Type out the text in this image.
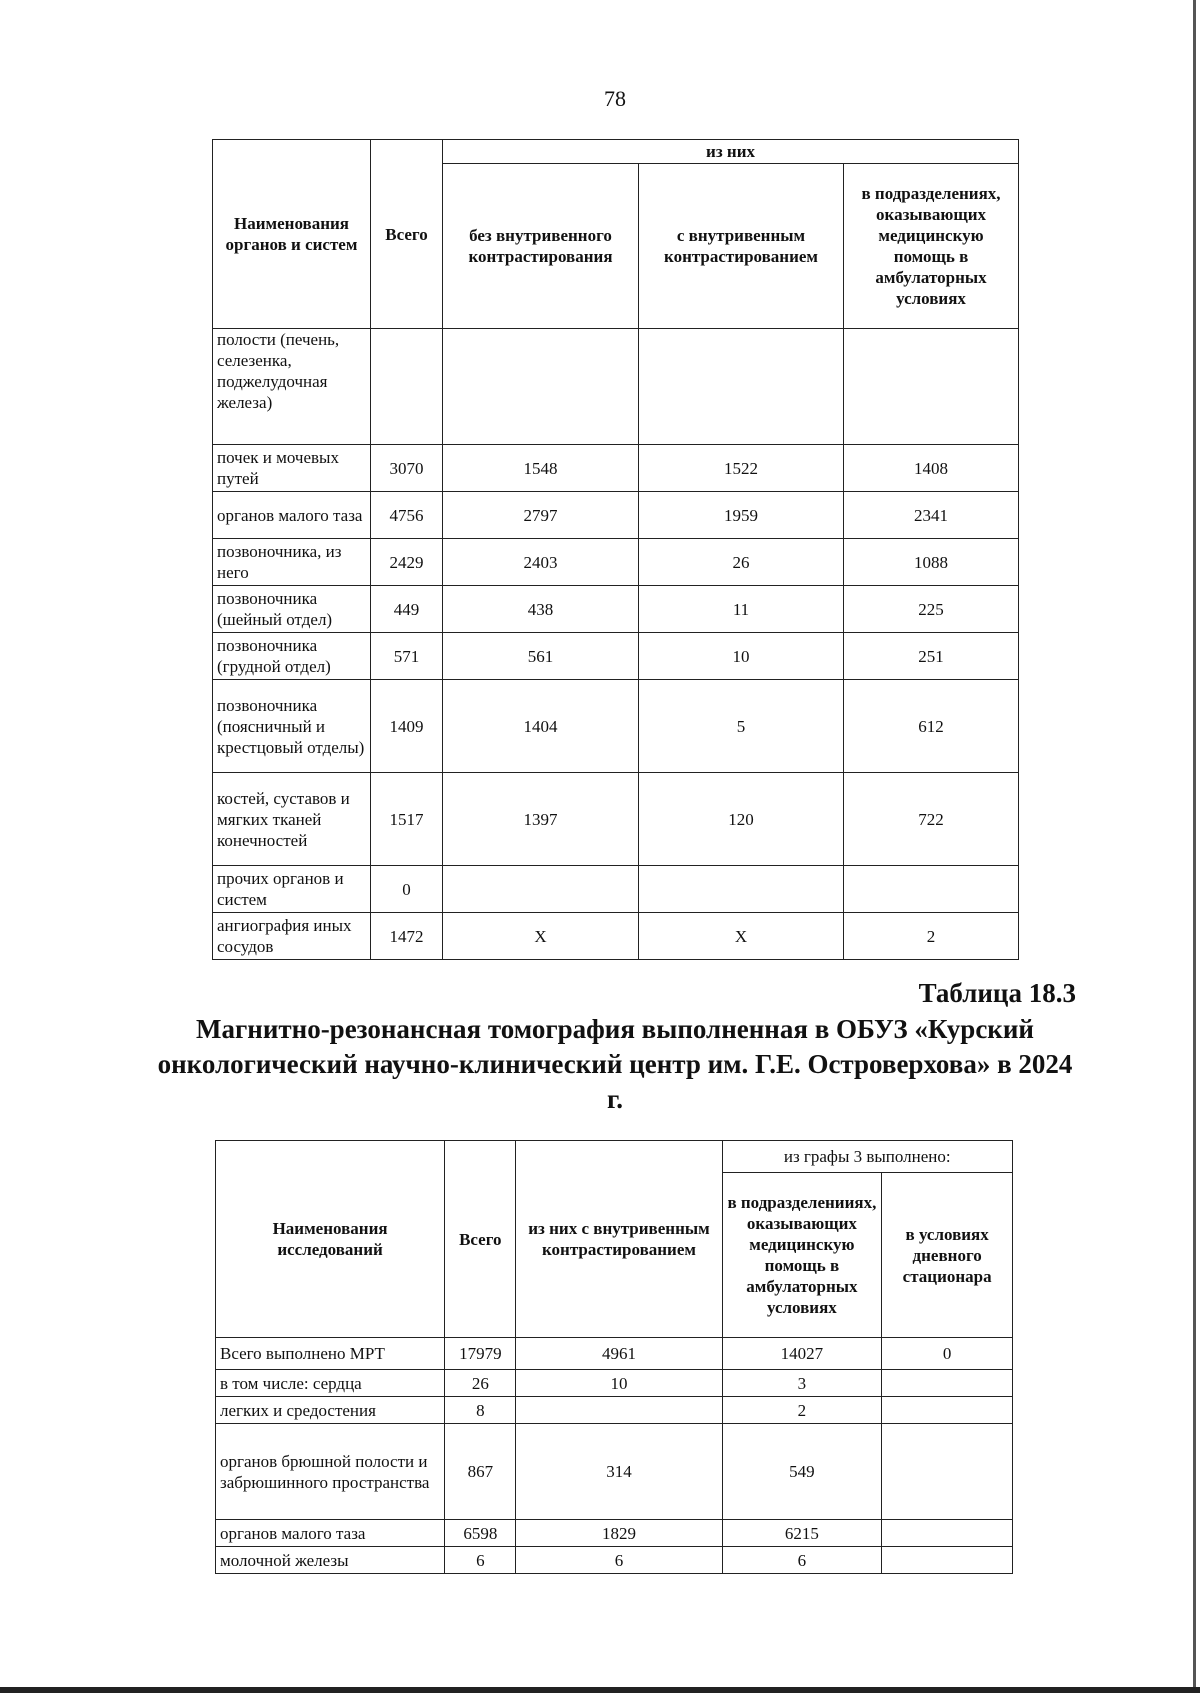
78
Наименования органов и систем	Всего	из них		
		без внутривенного контрастирования	с внутривенным контрастированием	в подразделениях, оказывающих медицинскую помощь в амбулаторных условиях
полости (печень, селезенка, поджелудочная железа)				
почек и мочевых путей	3070	1548	1522	1408
органов малого таза	4756	2797	1959	2341
позвоночника, из него	2429	2403	26	1088
позвоночника (шейный отдел)	449	438	11	225
позвоночника (грудной отдел)	571	561	10	251
позвоночника (поясничный и крестцовый отделы)	1409	1404	5	612
костей, суставов и мягких тканей конечностей	1517	1397	120	722
прочих органов и систем	0			
ангиография иных сосудов	1472	Х	Х	2
Таблица 18.3
Магнитно-резонансная томография выполненная в ОБУЗ «Курский онкологический научно-клинический центр им. Г.Е. Островерхова» в 2024 г.
Наименования исследований	Всего	из них с внутривенным контрастированием	из графы 3 выполнено:	
			в подразделенииях, оказывающих медицинскую помощь в амбулаторных условиях	в условиях дневного стационара
Всего выполнено МРТ	17979	4961	14027	0
в том числе: сердца	26	10	3	
легких и средостения	8		2	
органов брюшной полости и забрюшинного пространства	867	314	549	
органов малого таза	6598	1829	6215	
молочной железы	6	6	6	
